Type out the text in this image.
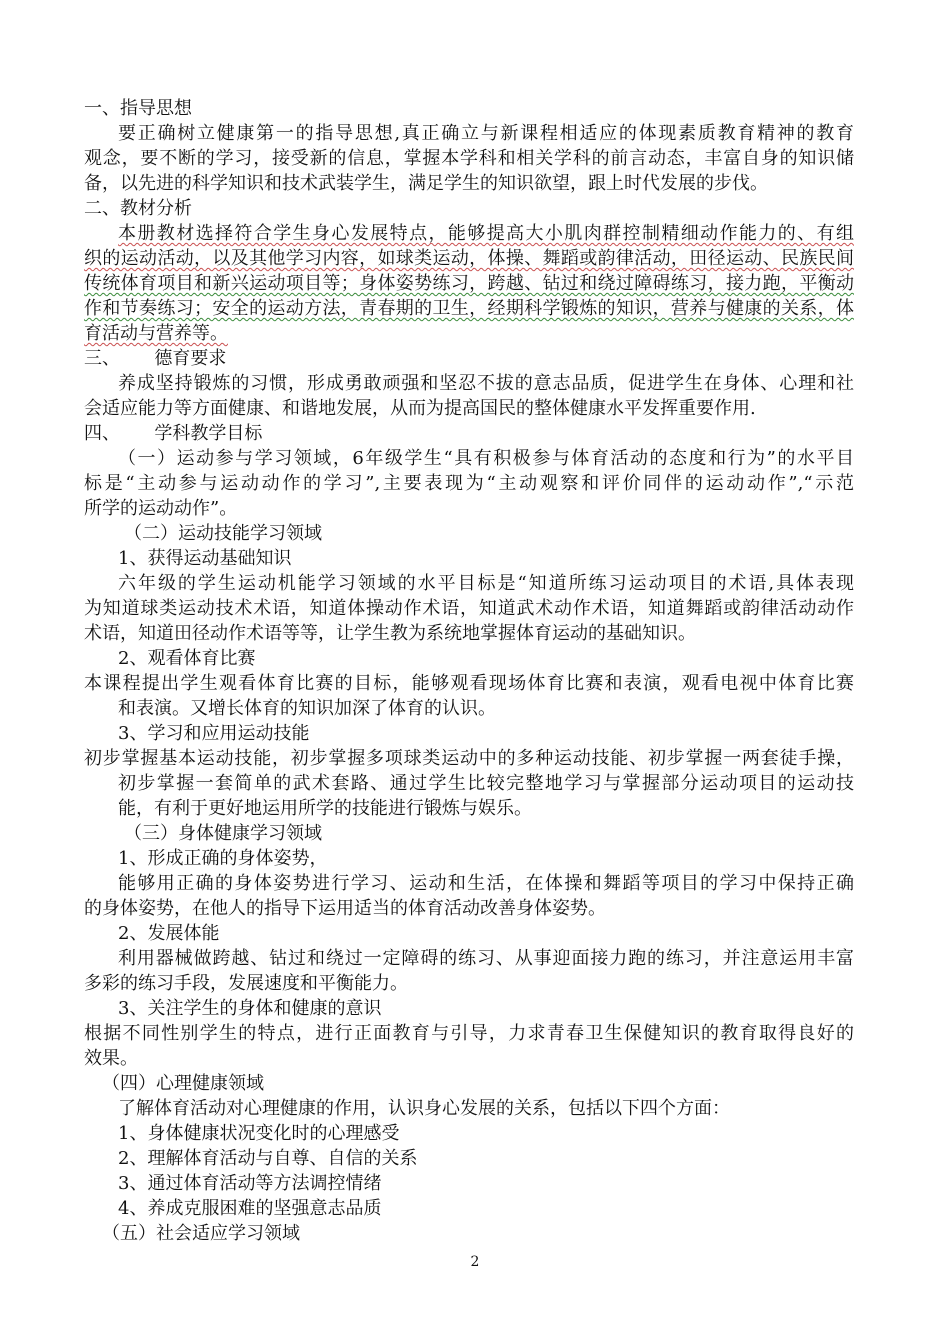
一、指导思想
要正确树立健康第一的指导思想,真正确立与新课程相适应的体现素质教育精神的教育
观念，要不断的学习，接受新的信息，掌握本学科和相关学科的前言动态，丰富自身的知识储
备，以先进的科学知识和技术武装学生，满足学生的知识欲望，跟上时代发展的步伐。
二、教材分析
本册教材选择符合学生身心发展特点，能够提高大小肌肉群控制精细动作能力的、有组
织的运动活动，以及其他学习内容，如球类运动，体操、舞蹈或韵律活动，田径运动、民族民间
传统体育项目和新兴运动项目等；身体姿势练习，跨越、钻过和绕过障碍练习，接力跑，平衡动
作和节奏练习；安全的运动方法，青春期的卫生，经期科学锻炼的知识，营养与健康的关系，体
育活动与营养等。
三、      德育要求
养成坚持锻炼的习惯，形成勇敢顽强和坚忍不拔的意志品质，促进学生在身体、心理和社
会适应能力等方面健康、和谐地发展，从而为提高国民的整体健康水平发挥重要作用.
四、      学科教学目标
（一）运动参与学习领域，6年级学生“具有积极参与体育活动的态度和行为”的水平目
标是“主动参与运动动作的学习”,主要表现为“主动观察和评价同伴的运动动作”,“示范
所学的运动动作”。
（二）运动技能学习领域
1、获得运动基础知识
六年级的学生运动机能学习领域的水平目标是“知道所练习运动项目的术语,具体表现
为知道球类运动技术术语，知道体操动作术语，知道武术动作术语，知道舞蹈或韵律活动动作
术语，知道田径动作术语等等，让学生教为系统地掌握体育运动的基础知识。
2、观看体育比赛
本课程提出学生观看体育比赛的目标，能够观看现场体育比赛和表演，观看电视中体育比赛
和表演。又增长体育的知识加深了体育的认识。
3、学习和应用运动技能
初步掌握基本运动技能，初步掌握多项球类运动中的多种运动技能、初步掌握一两套徒手操，
初步掌握一套简单的武术套路、通过学生比较完整地学习与掌握部分运动项目的运动技
能，有利于更好地运用所学的技能进行锻炼与娱乐。
（三）身体健康学习领域
1、形成正确的身体姿势，
能够用正确的身体姿势进行学习、运动和生活，在体操和舞蹈等项目的学习中保持正确
的身体姿势，在他人的指导下运用适当的体育活动改善身体姿势。
2、发展体能
利用器械做跨越、钻过和绕过一定障碍的练习、从事迎面接力跑的练习，并注意运用丰富
多彩的练习手段，发展速度和平衡能力。
3、关注学生的身体和健康的意识
根据不同性别学生的特点，进行正面教育与引导，力求青春卫生保健知识的教育取得良好的
效果。
（四）心理健康领域
了解体育活动对心理健康的作用，认识身心发展的关系，包括以下四个方面：
1、身体健康状况变化时的心理感受
2、理解体育活动与自尊、自信的关系
3、通过体育活动等方法调控情绪
4、养成克服困难的坚强意志品质
（五）社会适应学习领域
2
